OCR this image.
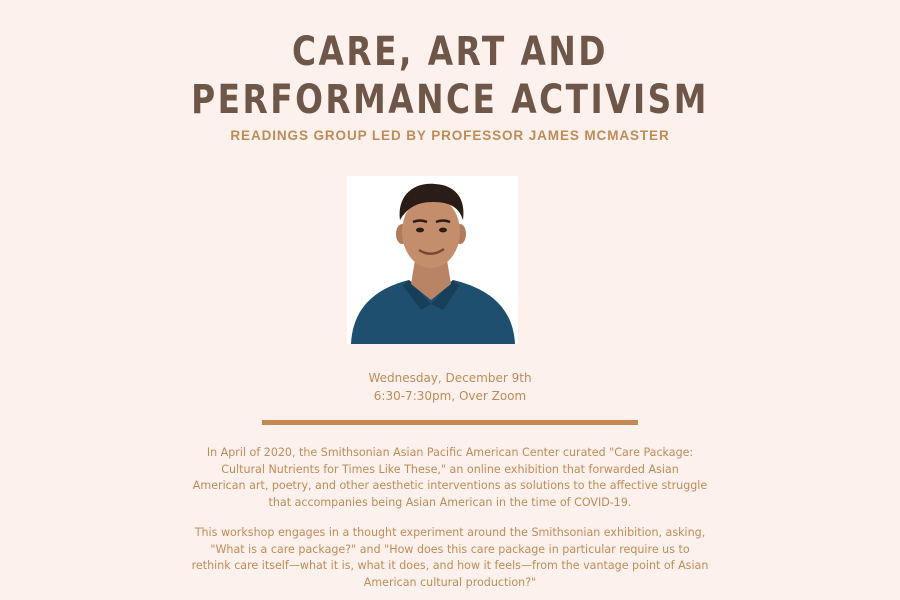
CARE, ART AND
PERFORMANCE ACTIVISM
READINGS GROUP LED BY PROFESSOR JAMES MCMASTER
Wednesday, December 9th
6:30-7:30pm, Over Zoom

In April of 2020, the Smithsonian Asian Pacific American Center curated "Care Package:
Cultural Nutrients for Times Like These," an online exhibition that forwarded Asian
American art, poetry, and other aesthetic interventions as solutions to the affective struggle
that accompanies being Asian American in the time of COVID-19.

This workshop engages in a thought experiment around the Smithsonian exhibition, asking,
"What is a care package?" and "How does this care package in particular require us to
rethink care itself—what it is, what it does, and how it feels—from the vantage point of Asian
American cultural production?"
